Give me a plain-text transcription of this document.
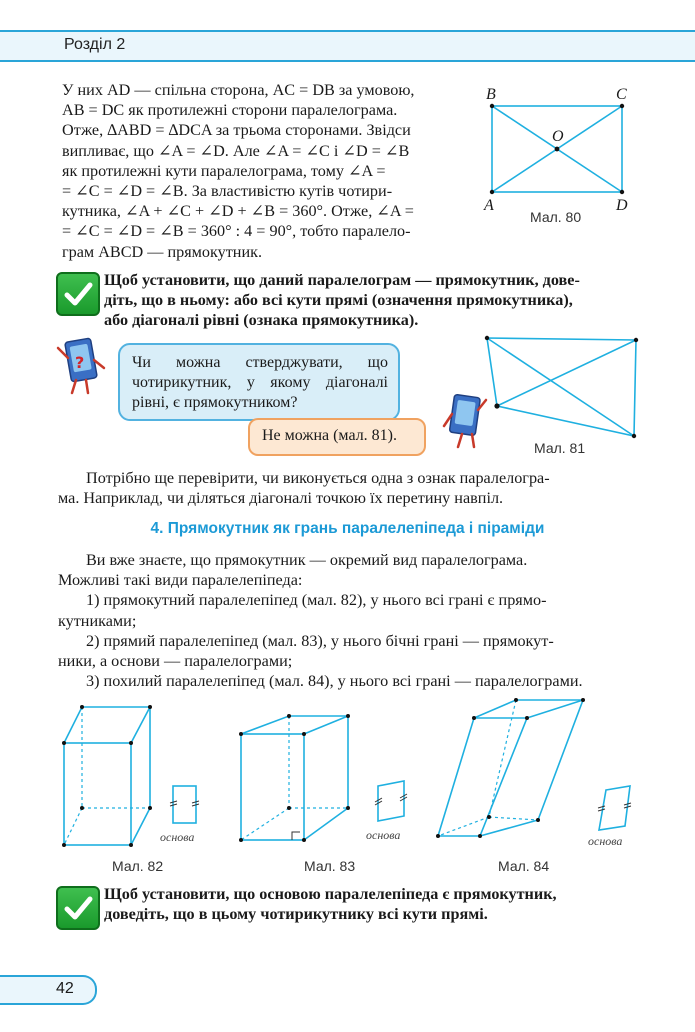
Розділ 2
У них AD — спільна сторона, AC = DB за умовою,
AB = DC як протилежні сторони паралелограма.
Отже, ∆ABD = ∆DCA за трьома сторонами. Звідси
випливає, що ∠A = ∠D. Але ∠A = ∠C і ∠D = ∠B
як протилежні кути паралелограма, тому ∠A =
= ∠C = ∠D = ∠B. За властивістю кутів чотири-
кутника, ∠A + ∠C + ∠D + ∠B = 360°. Отже, ∠A =
= ∠C = ∠D = ∠B = 360° : 4 = 90°, тобто паралело-
грам ABCD — прямокутник.
B	C
O
A	D
Мал. 80
Щоб установити, що даний паралелограм — прямокутник, дове-
діть, що в ньому: або всі кути прямі (означення прямокутника),
або діагоналі рівні (ознака прямокутника).
?	Чи можна стверджувати, що чотирикутник, у якому діагоналі рівні, є прямокутником?
Не можна (мал. 81).
Мал. 81
Потрібно ще перевірити, чи виконується одна з ознак паралелогра-
ма. Наприклад, чи діляться діагоналі точкою їх перетину навпіл.
4. Прямокутник як грань паралелепіпеда і піраміди
Ви вже знаєте, що прямокутник — окремий вид паралелограма.
Можливі такі види паралелепіпеда:
1) прямокутний паралелепіпед (мал. 82), у нього всі грані є прямо-
кутниками;
2) прямий паралелепіпед (мал. 83), у нього бічні грані — прямокут-
ники, а основи — паралелограми;
3) похилий паралелепіпед (мал. 84), у нього всі грані — паралелограми.
основа
Мал. 82
основа
Мал. 83
основа
Мал. 84
Щоб установити, що основою паралелепіпеда є прямокутник,
доведіть, що в цьому чотирикутнику всі кути прямі.
42
